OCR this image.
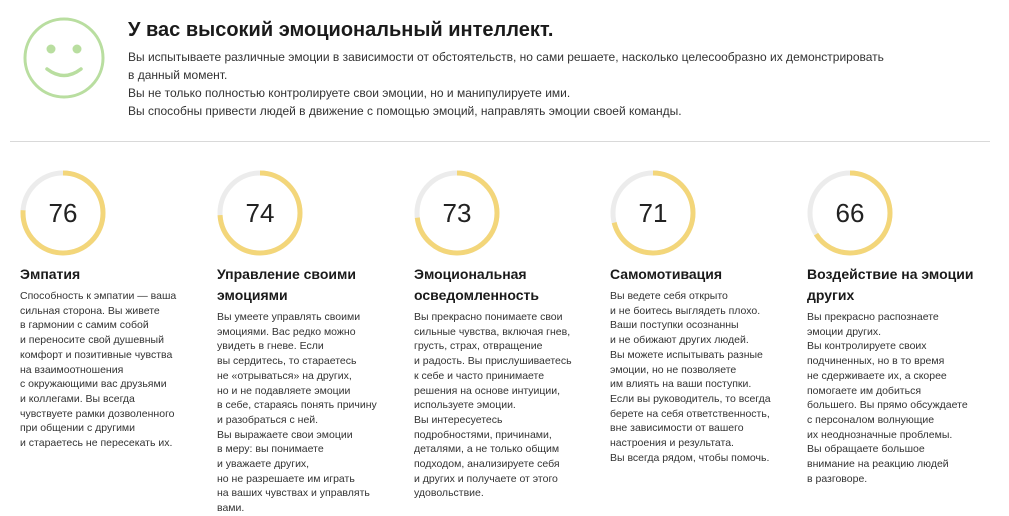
У вас высокий эмоциональный интеллект.
Вы испытываете различные эмоции в зависимости от обстоятельств, но сами решаете, насколько целесообразно их демонстрировать
в данный момент.
Вы не только полностью контролируете свои эмоции, но и манипулируете ими.
Вы способны привести людей в движение с помощью эмоций, направлять эмоции своей команды.
76
Эмпатия
Способность к эмпатии — ваша
сильная сторона. Вы живете
в гармонии с самим собой
и переносите свой душевный
комфорт и позитивные чувства
на взаимоотношения
с окружающими вас друзьями
и коллегами. Вы всегда
чувствуете рамки дозволенного
при общении с другими
и стараетесь не пересекать их.
74
Управление своими эмоциями
Вы умеете управлять своими
эмоциями. Вас редко можно
увидеть в гневе. Если
вы сердитесь, то стараетесь
не «отрываться» на других,
но и не подавляете эмоции
в себе, стараясь понять причину
и разобраться с ней.
Вы выражаете свои эмоции
в меру: вы понимаете
и уважаете других,
но не разрешаете им играть
на ваших чувствах и управлять
вами.
73
Эмоциональная осведомленность
Вы прекрасно понимаете свои
сильные чувства, включая гнев,
грусть, страх, отвращение
и радость. Вы прислушиваетесь
к себе и часто принимаете
решения на основе интуиции,
используете эмоции.
Вы интересуетесь
подробностями, причинами,
деталями, а не только общим
подходом, анализируете себя
и других и получаете от этого
удовольствие.
71
Самомотивация
Вы ведете себя открыто
и не боитесь выглядеть плохо.
Ваши поступки осознанны
и не обижают других людей.
Вы можете испытывать разные
эмоции, но не позволяете
им влиять на ваши поступки.
Если вы руководитель, то всегда
берете на себя ответственность,
вне зависимости от вашего
настроения и результата.
Вы всегда рядом, чтобы помочь.
66
Воздействие на эмоции других
Вы прекрасно распознаете
эмоции других.
Вы контролируете своих
подчиненных, но в то время
не сдерживаете их, а скорее
помогаете им добиться
большего. Вы прямо обсуждаете
с персоналом волнующие
их неоднозначные проблемы.
Вы обращаете большое
внимание на реакцию людей
в разговоре.
